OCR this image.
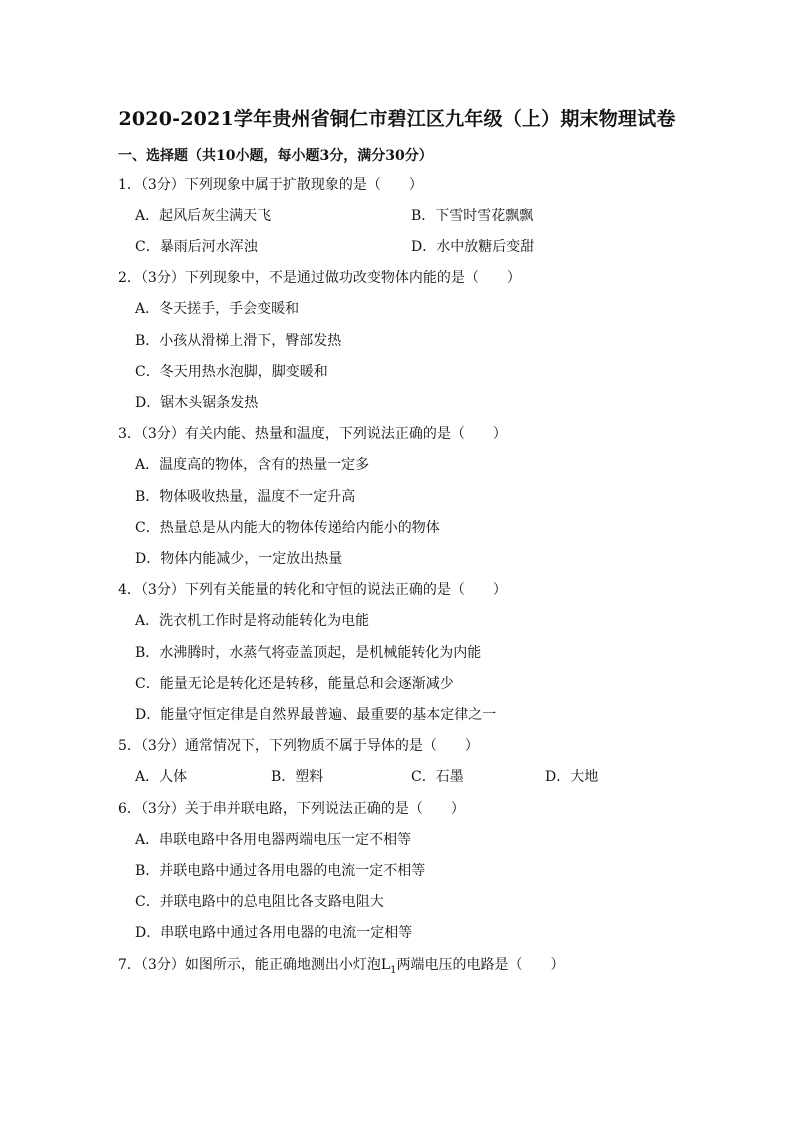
2020-2021学年贵州省铜仁市碧江区九年级（上）期末物理试卷
一、选择题（共10小题，每小题3分，满分30分）
1．（3分）下列现象中属于扩散现象的是（　　）
A．起风后灰尘满天飞	B．下雪时雪花飘飘
C．暴雨后河水浑浊	D．水中放糖后变甜
2．（3分）下列现象中，不是通过做功改变物体内能的是（　　）
A．冬天搓手，手会变暖和
B．小孩从滑梯上滑下，臀部发热
C．冬天用热水泡脚，脚变暖和
D．锯木头锯条发热
3．（3分）有关内能、热量和温度，下列说法正确的是（　　）
A．温度高的物体，含有的热量一定多
B．物体吸收热量，温度不一定升高
C．热量总是从内能大的物体传递给内能小的物体
D．物体内能减少，一定放出热量
4．（3分）下列有关能量的转化和守恒的说法正确的是（　　）
A．洗衣机工作时是将动能转化为电能
B．水沸腾时，水蒸气将壶盖顶起，是机械能转化为内能
C．能量无论是转化还是转移，能量总和会逐渐减少
D．能量守恒定律是自然界最普遍、最重要的基本定律之一
5．（3分）通常情况下，下列物质不属于导体的是（　　）
A．人体	B．塑料	C．石墨	D．大地
6．（3分）关于串并联电路，下列说法正确的是（　　）
A．串联电路中各用电器两端电压一定不相等
B．并联电路中通过各用电器的电流一定不相等
C．并联电路中的总电阻比各支路电阻大
D．串联电路中通过各用电器的电流一定相等
7．（3分）如图所示，能正确地测出小灯泡$L_1$两端电压的电路是（　　）
